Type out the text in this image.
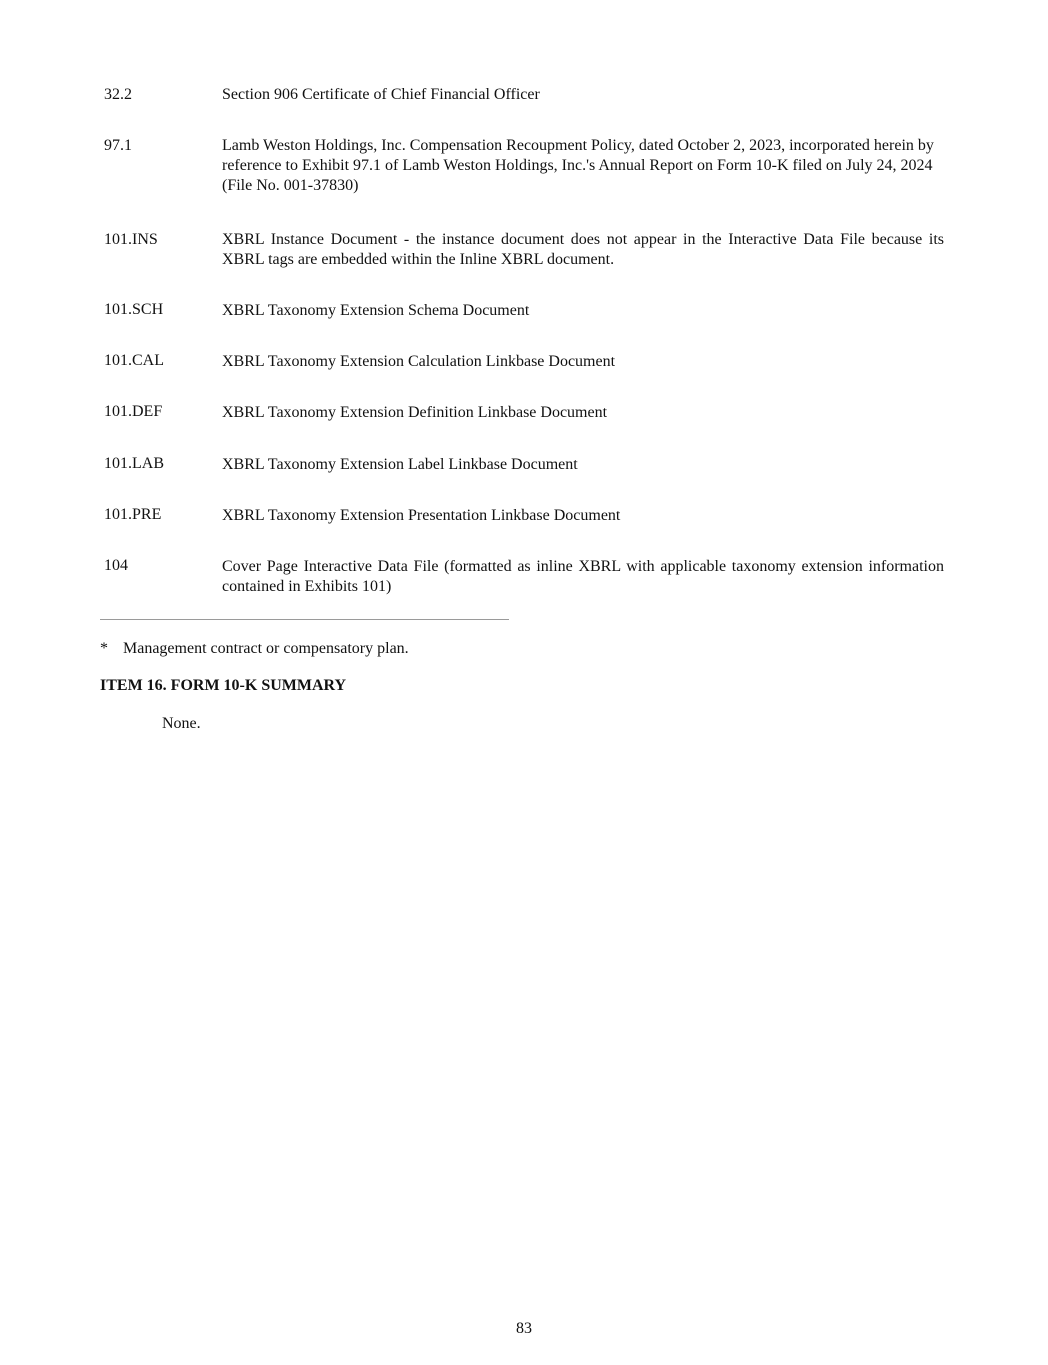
32.2	Section 906 Certificate of Chief Financial Officer
97.1	Lamb Weston Holdings, Inc. Compensation Recoupment Policy, dated October 2, 2023, incorporated herein by reference to Exhibit 97.1 of Lamb Weston Holdings, Inc.'s Annual Report on Form 10-K filed on July 24, 2024 (File No. 001-37830)
101.INS	XBRL Instance Document - the instance document does not appear in the Interactive Data File because its XBRL tags are embedded within the Inline XBRL document.
101.SCH	XBRL Taxonomy Extension Schema Document
101.CAL	XBRL Taxonomy Extension Calculation Linkbase Document
101.DEF	XBRL Taxonomy Extension Definition Linkbase Document
101.LAB	XBRL Taxonomy Extension Label Linkbase Document
101.PRE	XBRL Taxonomy Extension Presentation Linkbase Document
104	Cover Page Interactive Data File (formatted as inline XBRL with applicable taxonomy extension information contained in Exhibits 101)
* Management contract or compensatory plan.
ITEM 16. FORM 10-K SUMMARY
None.
83
